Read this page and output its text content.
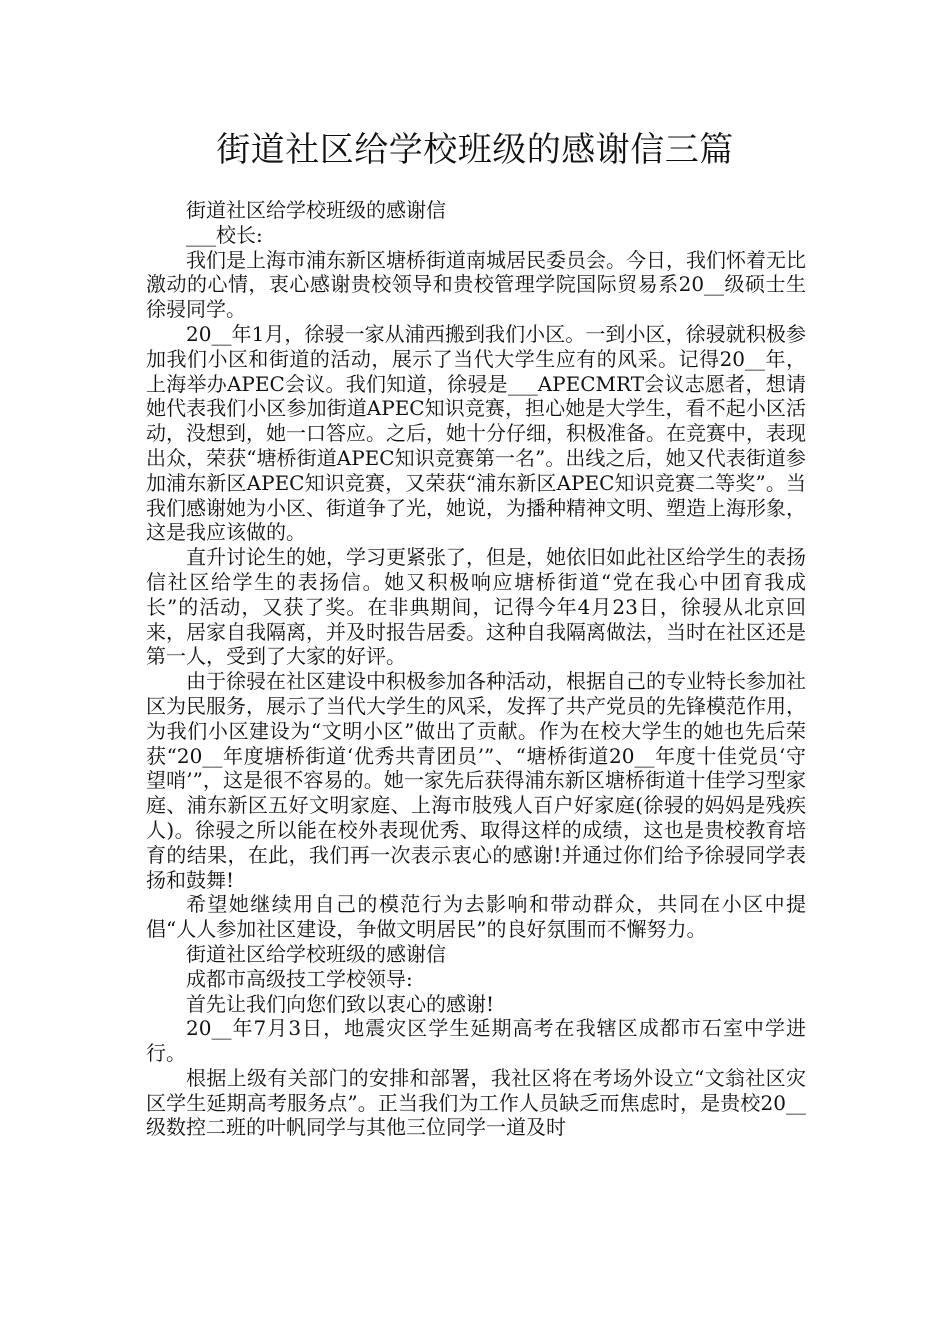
街道社区给学校班级的感谢信三篇

街道社区给学校班级的感谢信

___校长:

我们是上海市浦东新区塘桥街道南城居民委员会。今日，我们怀着无比激动的心情，衷心感谢贵校领导和贵校管理学院国际贸易系20__级硕士生徐骎同学。

20__年1月，徐骎一家从浦西搬到我们小区。一到小区，徐骎就积极参加我们小区和街道的活动，展示了当代大学生应有的风采。记得20__年，上海举办APEC会议。我们知道，徐骎是___APECMRT会议志愿者，想请她代表我们小区参加街道APEC知识竞赛，担心她是大学生，看不起小区活动，没想到，她一口答应。之后，她十分仔细，积极准备。在竞赛中，表现出众，荣获“塘桥街道APEC知识竞赛第一名”。出线之后，她又代表街道参加浦东新区APEC知识竞赛，又荣获“浦东新区APEC知识竞赛二等奖”。当我们感谢她为小区、街道争了光，她说，为播种精神文明、塑造上海形象，这是我应该做的。

直升讨论生的她，学习更紧张了，但是，她依旧如此社区给学生的表扬信社区给学生的表扬信。她又积极响应塘桥街道“党在我心中团育我成长”的活动，又获了奖。在非典期间，记得今年4月23日，徐骎从北京回来，居家自我隔离，并及时报告居委。这种自我隔离做法，当时在社区还是第一人，受到了大家的好评。

由于徐骎在社区建设中积极参加各种活动，根据自己的专业特长参加社区为民服务，展示了当代大学生的风采，发挥了共产党员的先锋模范作用，为我们小区建设为“文明小区”做出了贡献。作为在校大学生的她也先后荣获“20__年度塘桥街道‘优秀共青团员’”、“塘桥街道20__年度十佳党员‘守望哨’”，这是很不容易的。她一家先后获得浦东新区塘桥街道十佳学习型家庭、浦东新区五好文明家庭、上海市肢残人百户好家庭(徐骎的妈妈是残疾人)。徐骎之所以能在校外表现优秀、取得这样的成绩，这也是贵校教育培育的结果，在此，我们再一次表示衷心的感谢!并通过你们给予徐骎同学表扬和鼓舞!

希望她继续用自己的模范行为去影响和带动群众，共同在小区中提倡“人人参加社区建设，争做文明居民”的良好氛围而不懈努力。

街道社区给学校班级的感谢信

成都市高级技工学校领导:

首先让我们向您们致以衷心的感谢!

20__年7月3日，地震灾区学生延期高考在我辖区成都市石室中学进行。

根据上级有关部门的安排和部署，我社区将在考场外设立“文翁社区灾区学生延期高考服务点”。正当我们为工作人员缺乏而焦虑时，是贵校20__级数控二班的叶帆同学与其他三位同学一道及时
